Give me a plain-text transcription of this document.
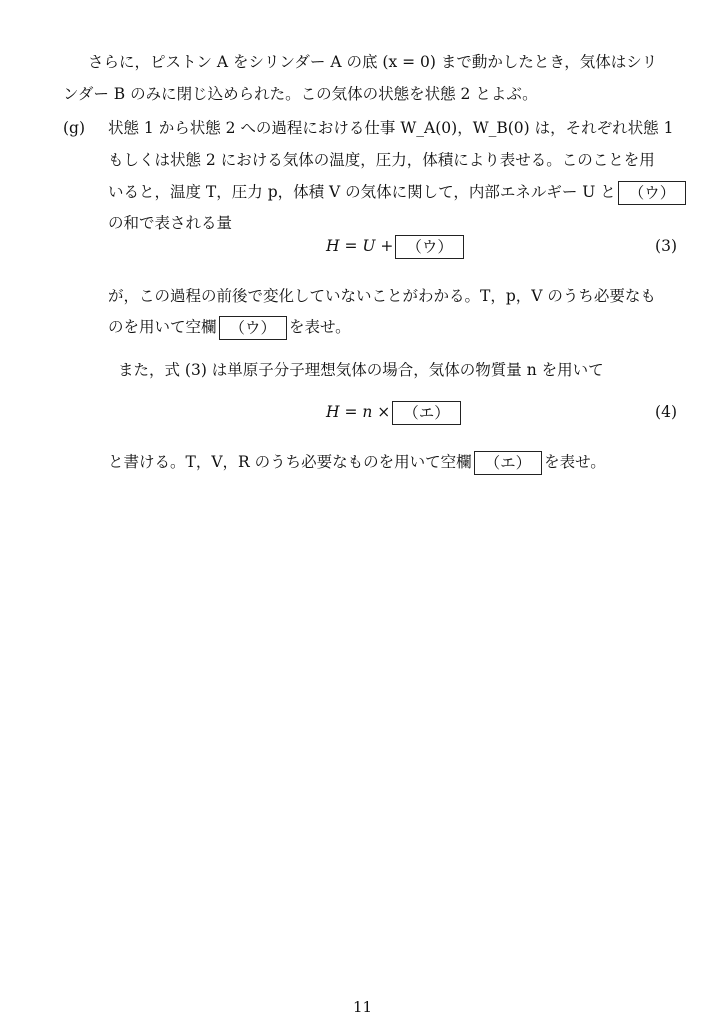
さらに，ピストン A をシリンダー A の底 (x = 0) まで動かしたとき，気体はシリ
ンダー B のみに閉じ込められた。この気体の状態を状態 2 とよぶ。
(g) 状態 1 から状態 2 への過程における仕事 W_A(0)，W_B(0) は，それぞれ状態 1
もしくは状態 2 における気体の温度，圧力，体積により表せる。このことを用
いると，温度 T，圧力 p，体積 V の気体に関して，内部エネルギー U と （ウ）
の和で表される量
H = U + （ウ）	(3)
が，この過程の前後で変化していないことがわかる。T，p，V のうち必要なも
のを用いて空欄 （ウ） を表せ。
また，式 (3) は単原子分子理想気体の場合，気体の物質量 n を用いて
H = n × （エ）	(4)
と書ける。T，V，R のうち必要なものを用いて空欄 （エ） を表せ。
11
